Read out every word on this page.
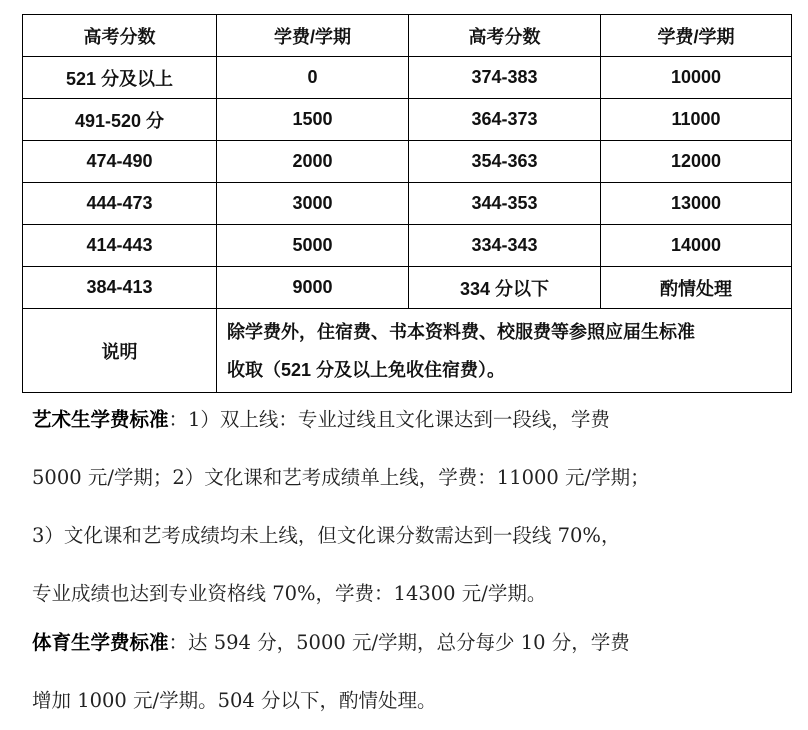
高考分数	学费/学期	高考分数	学费/学期
521 分及以上	0	374-383	10000
491-520 分	1500	364-373	11000
474-490	2000	354-363	12000
444-473	3000	344-353	13000
414-443	5000	334-343	14000
384-413	9000	334 分以下	酌情处理
说明	除学费外，住宿费、书本资料费、校服费等参照应届生标准
收取（521 分及以上免收住宿费）。		
艺术生学费标准：1）双上线：专业过线且文化课达到一段线，学费
5000 元/学期；2）文化课和艺考成绩单上线，学费：11000 元/学期；
3）文化课和艺考成绩均未上线，但文化课分数需达到一段线 70%，
专业成绩也达到专业资格线 70%，学费：14300 元/学期。
体育生学费标准：达 594 分，5000 元/学期，总分每少 10 分，学费
增加 1000 元/学期。504 分以下，酌情处理。
